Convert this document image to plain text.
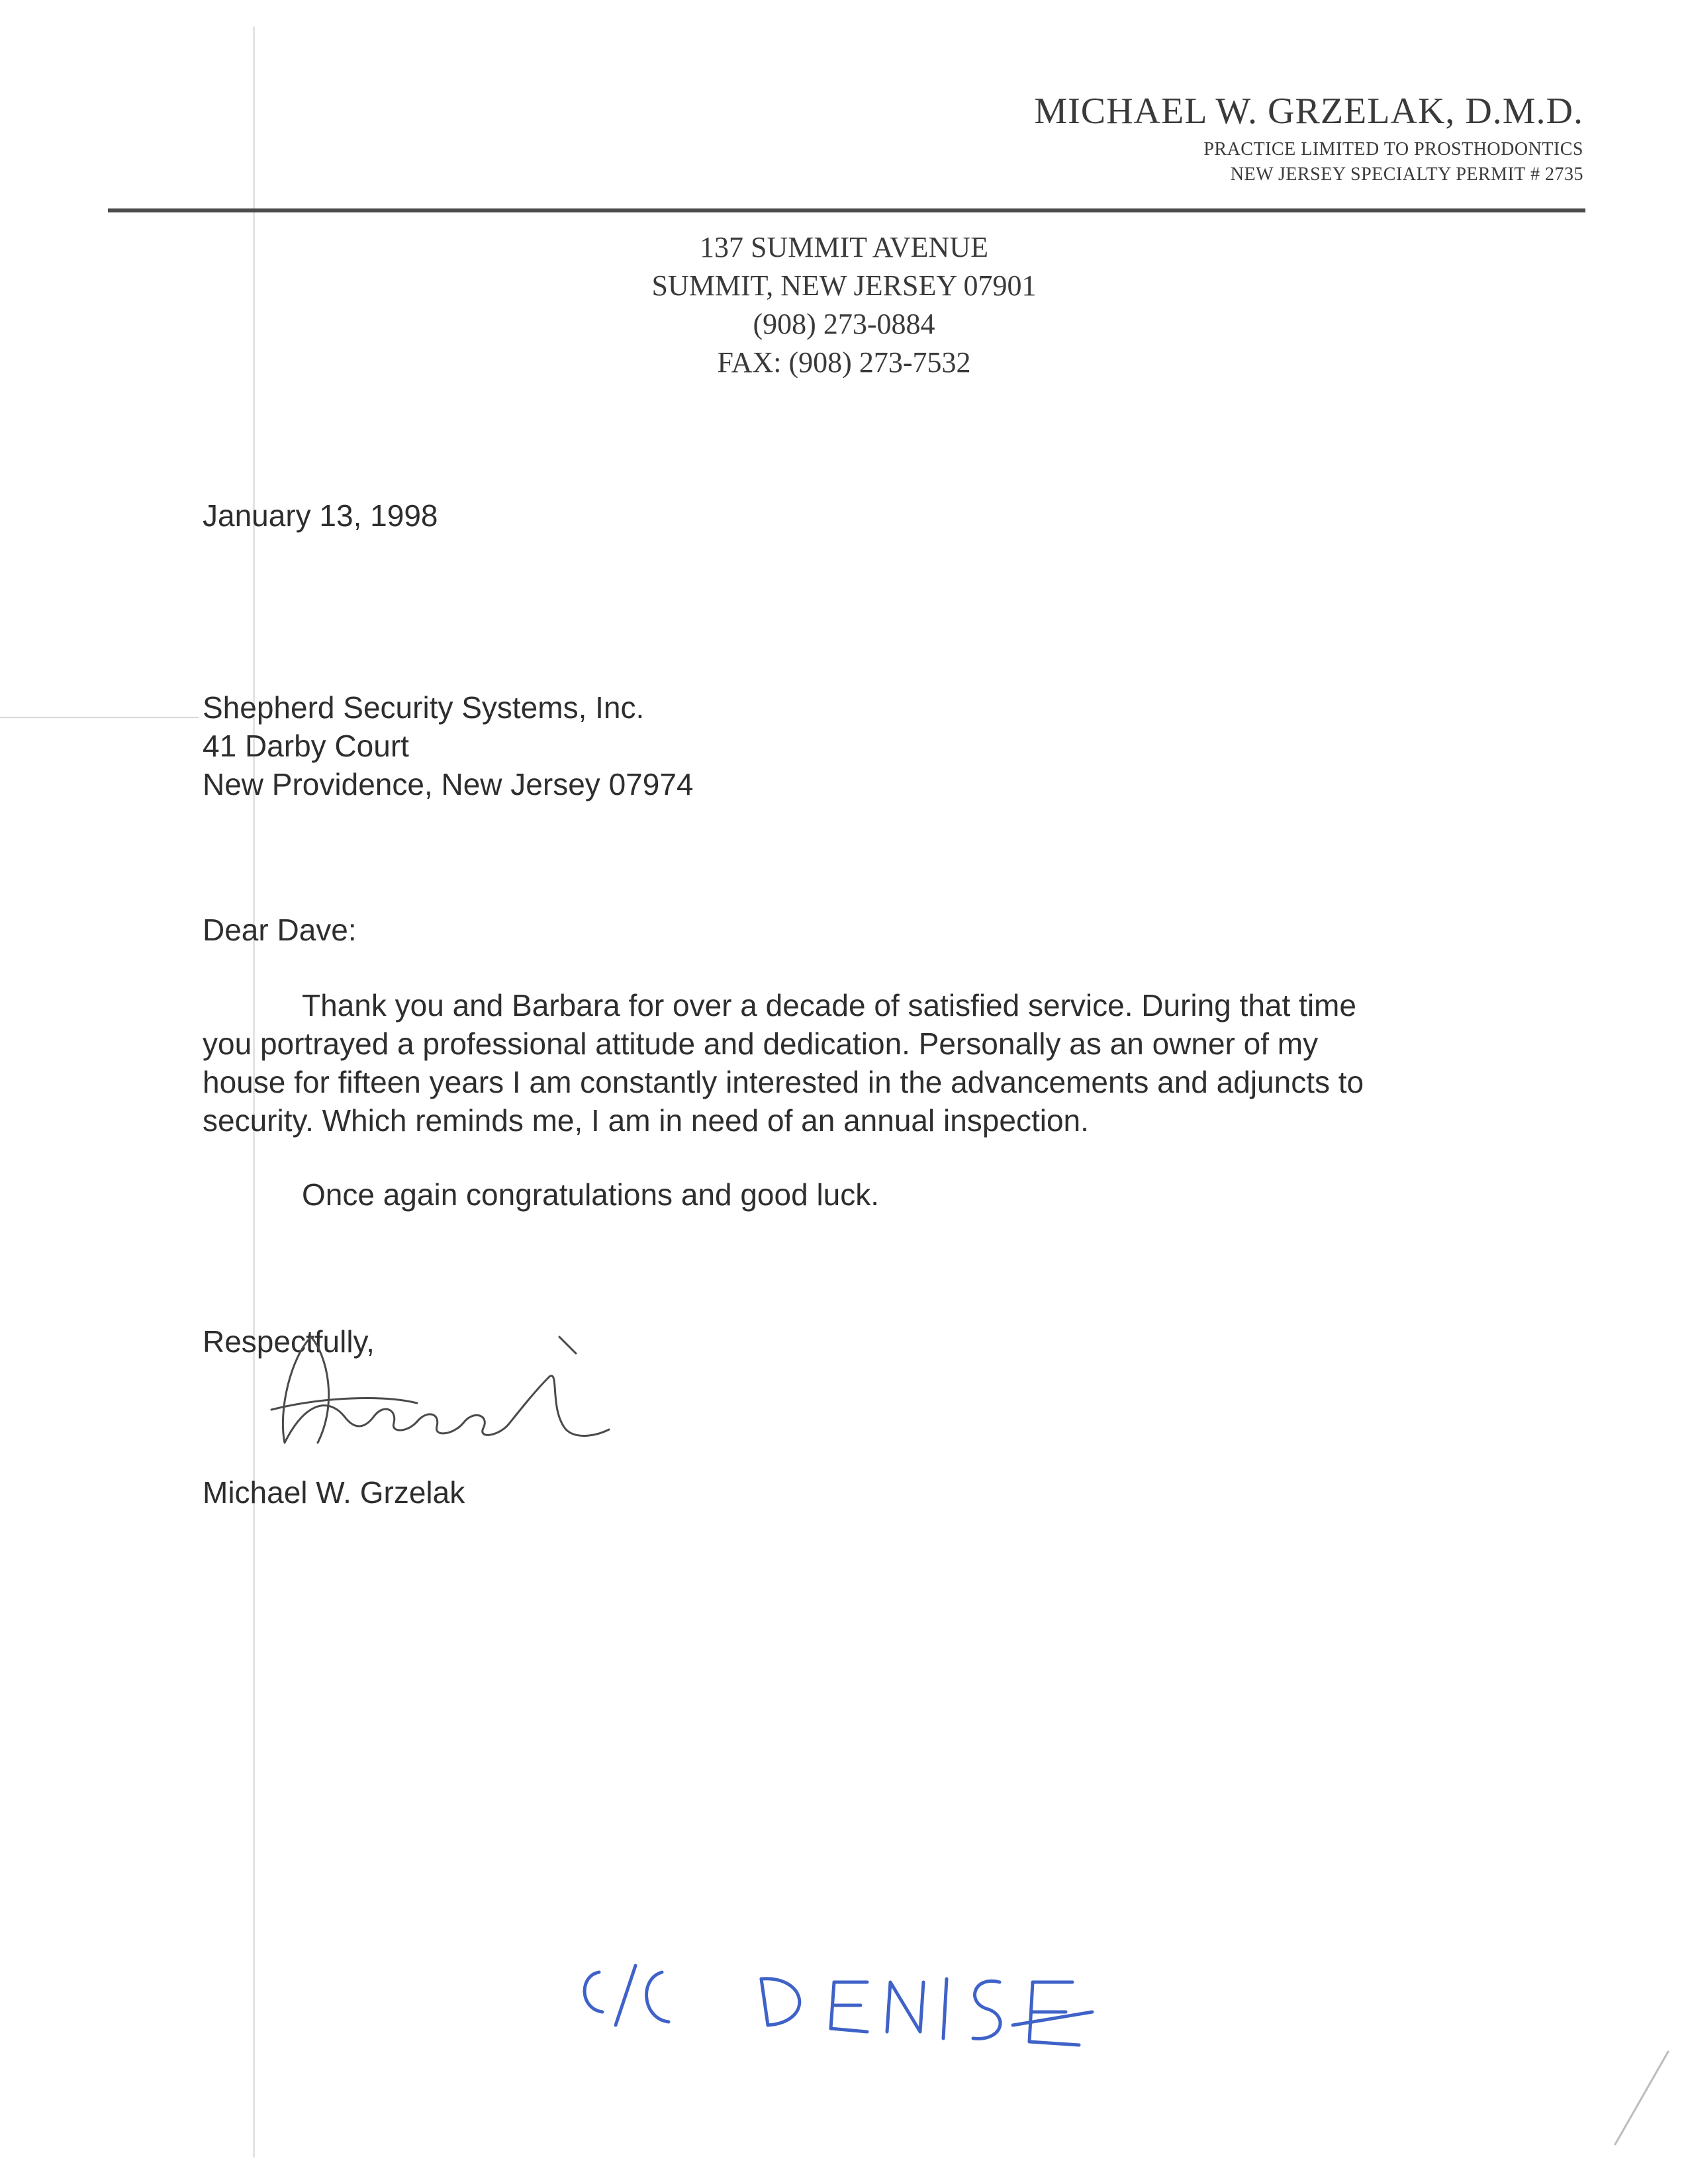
MICHAEL W. GRZELAK, D.M.D.
PRACTICE LIMITED TO PROSTHODONTICS
NEW JERSEY SPECIALTY PERMIT # 2735
137 SUMMIT AVENUE
SUMMIT, NEW JERSEY 07901
(908) 273-0884
FAX: (908) 273-7532
January 13, 1998
Shepherd Security Systems, Inc.
41 Darby Court
New Providence, New Jersey 07974
Dear Dave:
Thank you and Barbara for over a decade of satisfied service. During that time
you portrayed a professional attitude and dedication. Personally as an owner of my
house for fifteen years I am constantly interested in the advancements and adjuncts to
security. Which reminds me, I am in need of an annual inspection.
Once again congratulations and good luck.
Respectfully,
Michael W. Grzelak
